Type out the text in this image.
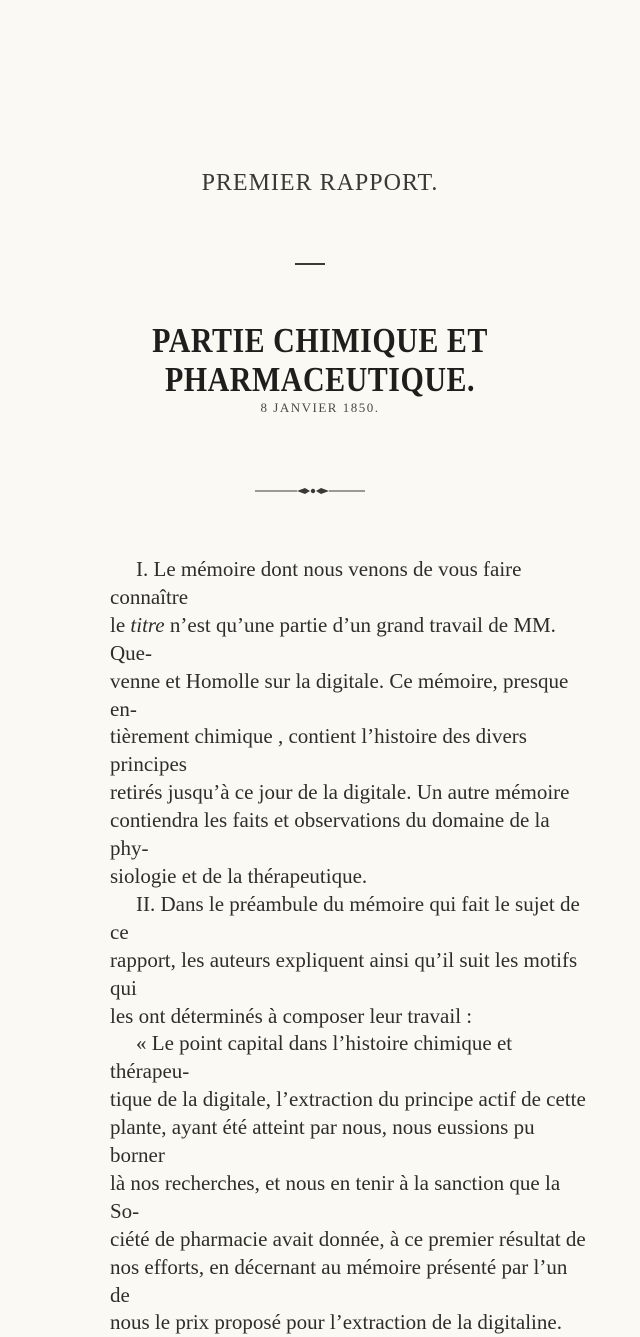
PREMIER RAPPORT.
PARTIE CHIMIQUE ET PHARMACEUTIQUE.
8 JANVIER 1850.

I. Le mémoire dont nous venons de vous faire connaître
le titre n’est qu’une partie d’un grand travail de MM. Que-
venne et Homolle sur la digitale. Ce mémoire, presque en-
tièrement chimique , contient l’histoire des divers principes
retirés jusqu’à ce jour de la digitale. Un autre mémoire
contiendra les faits et observations du domaine de la phy-
siologie et de la thérapeutique.

II. Dans le préambule du mémoire qui fait le sujet de ce
rapport, les auteurs expliquent ainsi qu’il suit les motifs qui
les ont déterminés à composer leur travail :

« Le point capital dans l’histoire chimique et thérapeu-
tique de la digitale, l’extraction du principe actif de cette
plante, ayant été atteint par nous, nous eussions pu borner
là nos recherches, et nous en tenir à la sanction que la So-
ciété de pharmacie avait donnée, à ce premier résultat de
nos efforts, en décernant au mémoire présenté par l’un de
nous le prix proposé pour l’extraction de la digitaline.
